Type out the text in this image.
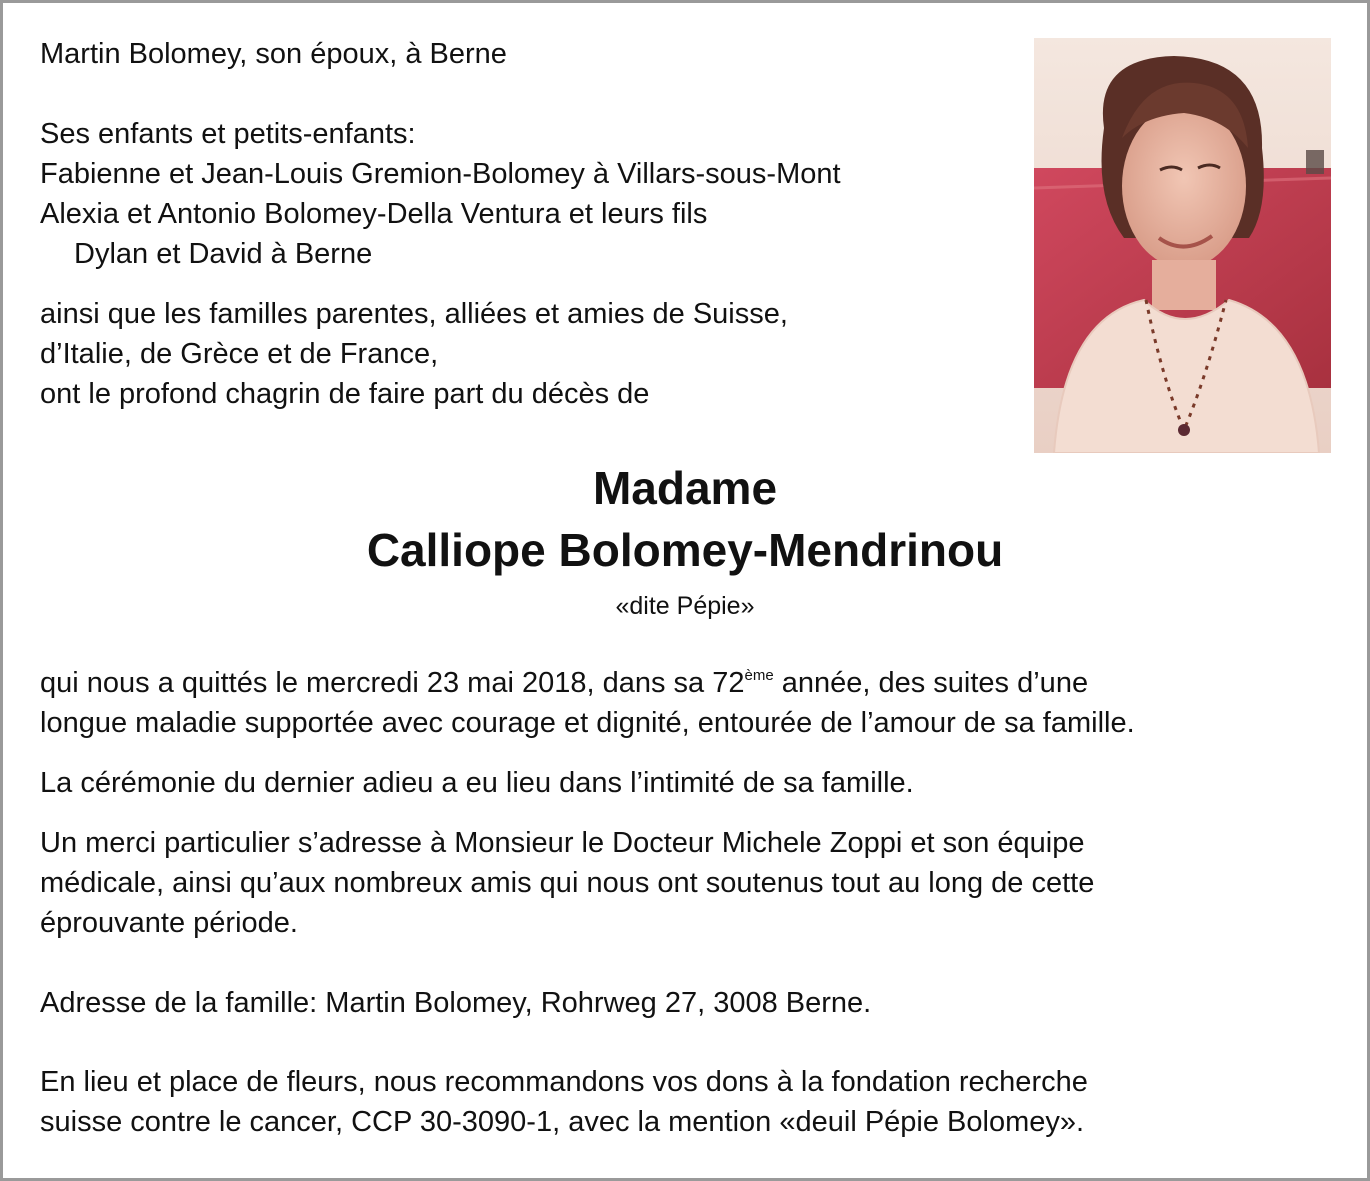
Martin Bolomey, son époux, à Berne

Ses enfants et petits-enfants:

Fabienne et Jean-Louis Gremion-Bolomey à Villars-sous-Mont

Alexia et Antonio Bolomey-Della Ventura et leurs fils

Dylan et David à Berne

ainsi que les familles parentes, alliées et amies de Suisse,

d’Italie, de Grèce et de France,

ont le profond chagrin de faire part du décès de

Madame
Calliope Bolomey-Mendrinou

«dite Pépie»

qui nous a quittés le mercredi 23 mai 2018, dans sa 72ème année, des suites d’une

longue maladie supportée avec courage et dignité, entourée de l’amour de sa famille.

La cérémonie du dernier adieu a eu lieu dans l’intimité de sa famille.

Un merci particulier s’adresse à Monsieur le Docteur Michele Zoppi et son équipe

médicale, ainsi qu’aux nombreux amis qui nous ont soutenus tout au long de cette

éprouvante période.

Adresse de la famille: Martin Bolomey, Rohrweg 27, 3008 Berne.

En lieu et place de fleurs, nous recommandons vos dons à la fondation recherche

suisse contre le cancer, CCP 30-3090-1, avec la mention «deuil Pépie Bolomey».
